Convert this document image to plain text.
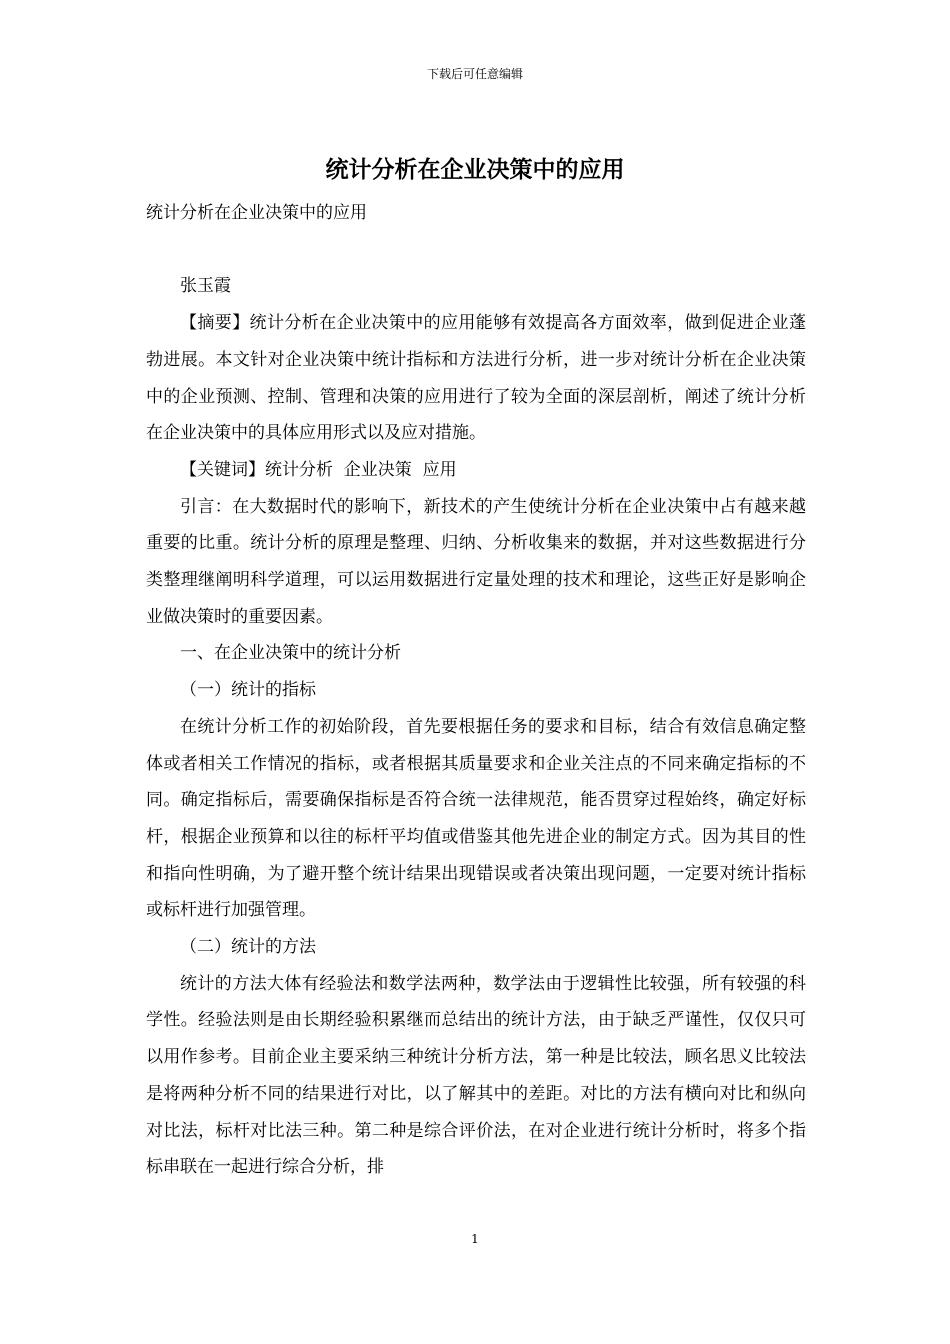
下载后可任意编辑
统计分析在企业决策中的应用

统计分析在企业决策中的应用

张玉霞

【摘要】统计分析在企业决策中的应用能够有效提高各方面效率，做到促进企业蓬勃进展。本文针对企业决策中统计指标和方法进行分析，进一步对统计分析在企业决策中的企业预测、控制、管理和决策的应用进行了较为全面的深层剖析，阐述了统计分析在企业决策中的具体应用形式以及应对措施。

【关键词】统计分析  企业决策  应用

引言：在大数据时代的影响下，新技术的产生使统计分析在企业决策中占有越来越重要的比重。统计分析的原理是整理、归纳、分析收集来的数据，并对这些数据进行分类整理继阐明科学道理，可以运用数据进行定量处理的技术和理论，这些正好是影响企业做决策时的重要因素。

一、在企业决策中的统计分析

（一）统计的指标

在统计分析工作的初始阶段，首先要根据任务的要求和目标，结合有效信息确定整体或者相关工作情况的指标，或者根据其质量要求和企业关注点的不同来确定指标的不同。确定指标后，需要确保指标是否符合统一法律规范，能否贯穿过程始终，确定好标杆，根据企业预算和以往的标杆平均值或借鉴其他先进企业的制定方式。因为其目的性和指向性明确，为了避开整个统计结果出现错误或者决策出现问题，一定要对统计指标或标杆进行加强管理。

（二）统计的方法

统计的方法大体有经验法和数学法两种，数学法由于逻辑性比较强，所有较强的科学性。经验法则是由长期经验积累继而总结出的统计方法，由于缺乏严谨性，仅仅只可以用作参考。目前企业主要采纳三种统计分析方法，第一种是比较法，顾名思义比较法是将两种分析不同的结果进行对比，以了解其中的差距。对比的方法有横向对比和纵向对比法，标杆对比法三种。第二种是综合评价法，在对企业进行统计分析时，将多个指标串联在一起进行综合分析，排

1
